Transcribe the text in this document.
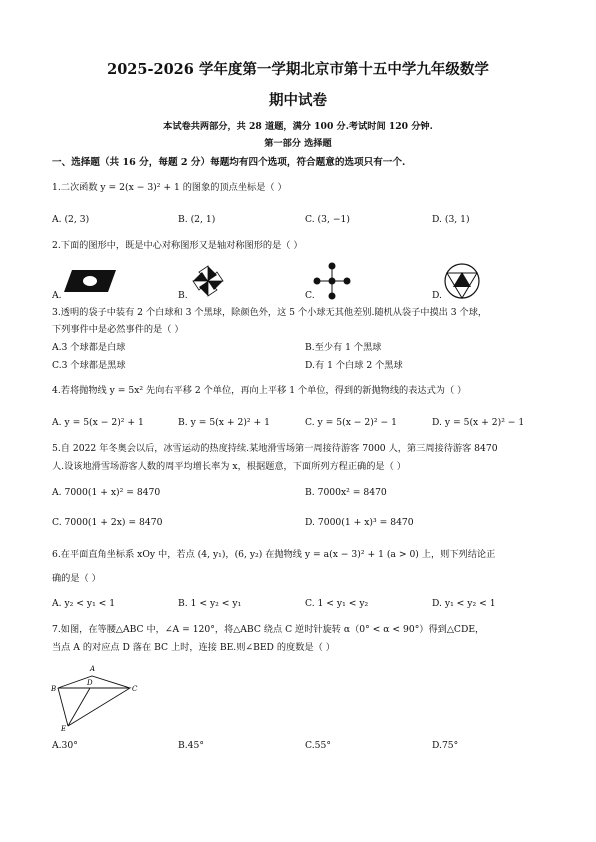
2025-2026 学年度第一学期北京市第十五中学九年级数学
期中试卷
本试卷共两部分，共 28 道题，满分 100 分.考试时间 120 分钟.
第一部分 选择题
一、选择题（共 16 分，每题 2 分）每题均有四个选项，符合题意的选项只有一个.
1.二次函数 y = 2(x − 3)² + 1 的图象的顶点坐标是（ ）
A. (2, 3)	B. (2, 1)	C. (3, −1)	D. (3, 1)
2.下面的图形中，既是中心对称图形又是轴对称图形的是（ ）
A.	B.	C.	D.
3.透明的袋子中装有 2 个白球和 3 个黑球，除颜色外，这 5 个小球无其他差别.随机从袋子中摸出 3 个球，
下列事件中是必然事件的是（ ）
A.3 个球都是白球	B.至少有 1 个黑球
C.3 个球都是黑球	D.有 1 个白球 2 个黑球
4.若将抛物线 y = 5x² 先向右平移 2 个单位，再向上平移 1 个单位，得到的新抛物线的表达式为（ ）
A. y = 5(x − 2)² + 1	B. y = 5(x + 2)² + 1	C. y = 5(x − 2)² − 1	D. y = 5(x + 2)² − 1
5.自 2022 年冬奥会以后，冰雪运动的热度持续.某地滑雪场第一周接待游客 7000 人，第三周接待游客 8470
人.设该地滑雪场游客人数的周平均增长率为 x，根据题意，下面所列方程正确的是（ ）
A. 7000(1 + x)² = 8470	B. 7000x² = 8470
C. 7000(1 + 2x) = 8470	D. 7000(1 + x)³ = 8470
6.在平面直角坐标系 xOy 中，若点 (4, y₁)，(6, y₂) 在抛物线 y = a(x − 3)² + 1 (a > 0) 上，则下列结论正
确的是（ ）
A. y₂ < y₁ < 1	B. 1 < y₂ < y₁	C. 1 < y₁ < y₂	D. y₁ < y₂ < 1
7.如图，在等腰△ABC 中，∠A = 120°，将△ABC 绕点 C 逆时针旋转 α（0° < α < 90°）得到△CDE，
当点 A 的对应点 D 落在 BC 上时，连接 BE.则∠BED 的度数是（ ）
A
B
D
C
E
A.30°	B.45°	C.55°	D.75°
